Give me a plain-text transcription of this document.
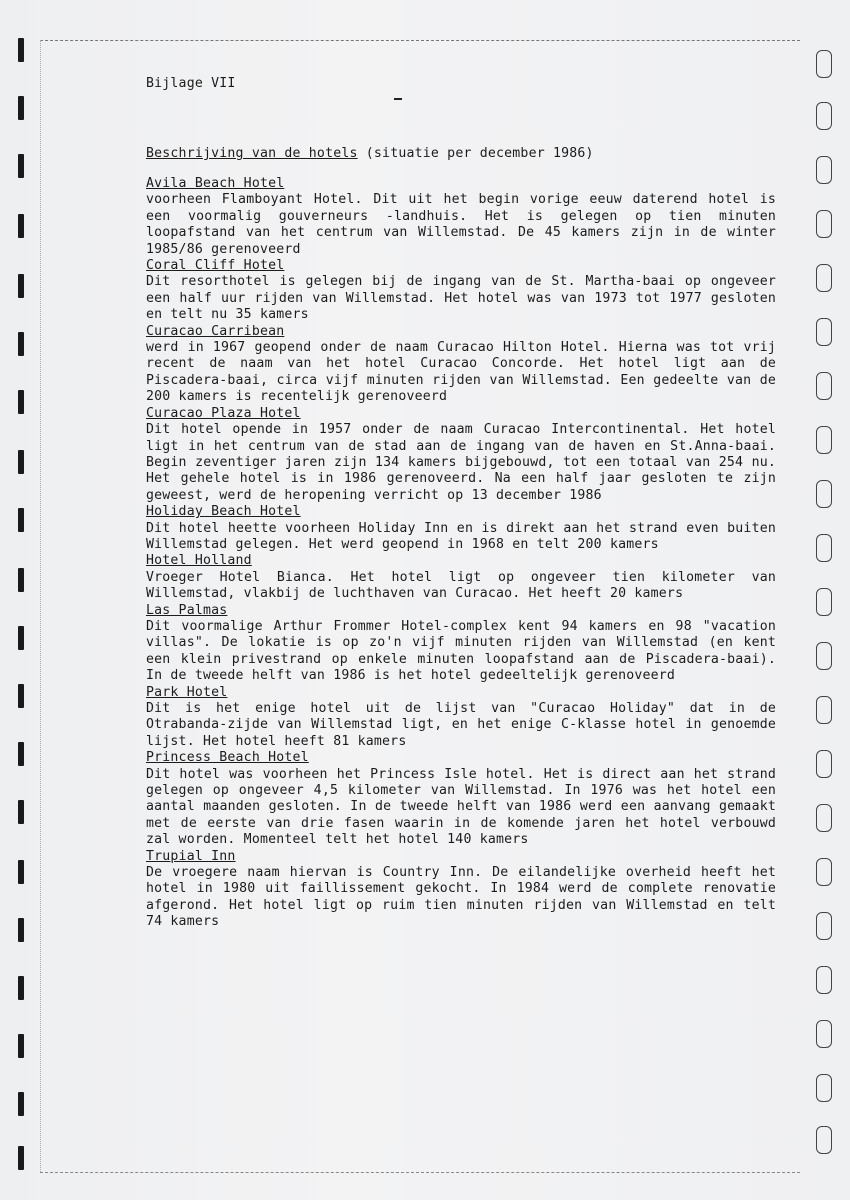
Bijlage VII
Beschrijving van de hotels (situatie per december 1986)
Avila Beach Hotel
voorheen Flamboyant Hotel. Dit uit het begin vorige eeuw daterend hotel is een voormalig gouverneurs -landhuis. Het is gelegen op tien minuten loopafstand van het centrum van Willemstad. De 45 kamers zijn in de winter 1985/86 gerenoveerd
Coral Cliff Hotel
Dit resorthotel is gelegen bij de ingang van de St. Martha-baai op ongeveer een half uur rijden van Willemstad. Het hotel was van 1973 tot 1977 gesloten en telt nu 35 kamers
Curacao Carribean
werd in 1967 geopend onder de naam Curacao Hilton Hotel. Hierna was tot vrij recent de naam van het hotel Curacao Concorde. Het hotel ligt aan de Piscadera-baai, circa vijf minuten rijden van Willemstad. Een gedeelte van de 200 kamers is recentelijk gerenoveerd
Curacao Plaza Hotel
Dit hotel opende in 1957 onder de naam Curacao Intercontinental. Het hotel ligt in het centrum van de stad aan de ingang van de haven en St.Anna-baai. Begin zeventiger jaren zijn 134 kamers bijgebouwd, tot een totaal van 254 nu. Het gehele hotel is in 1986 gerenoveerd. Na een half jaar gesloten te zijn geweest, werd de heropening verricht op 13 december 1986
Holiday Beach Hotel
Dit hotel heette voorheen Holiday Inn en is direkt aan het strand even buiten Willemstad gelegen. Het werd geopend in 1968 en telt 200 kamers
Hotel Holland
Vroeger Hotel Bianca. Het hotel ligt op ongeveer tien kilometer van Willemstad, vlakbij de luchthaven van Curacao. Het heeft 20 kamers
Las Palmas
Dit voormalige Arthur Frommer Hotel-complex kent 94 kamers en 98 "vacation villas". De lokatie is op zo'n vijf minuten rijden van Willemstad (en kent een klein privestrand op enkele minuten loopafstand aan de Piscadera-baai). In de tweede helft van 1986 is het hotel gedeeltelijk gerenoveerd
Park Hotel
Dit is het enige hotel uit de lijst van "Curacao Holiday" dat in de Otrabanda-zijde van Willemstad ligt, en het enige C-klasse hotel in genoemde lijst. Het hotel heeft 81 kamers
Princess Beach Hotel
Dit hotel was voorheen het Princess Isle hotel. Het is direct aan het strand gelegen op ongeveer 4,5 kilometer van Willemstad. In 1976 was het hotel een aantal maanden gesloten. In de tweede helft van 1986 werd een aanvang gemaakt met de eerste van drie fasen waarin in de komende jaren het hotel verbouwd zal worden. Momenteel telt het hotel 140 kamers
Trupial Inn
De vroegere naam hiervan is Country Inn. De eilandelijke overheid heeft het hotel in 1980 uit faillissement gekocht. In 1984 werd de complete renovatie afgerond. Het hotel ligt op ruim tien minuten rijden van Willemstad en telt 74 kamers
